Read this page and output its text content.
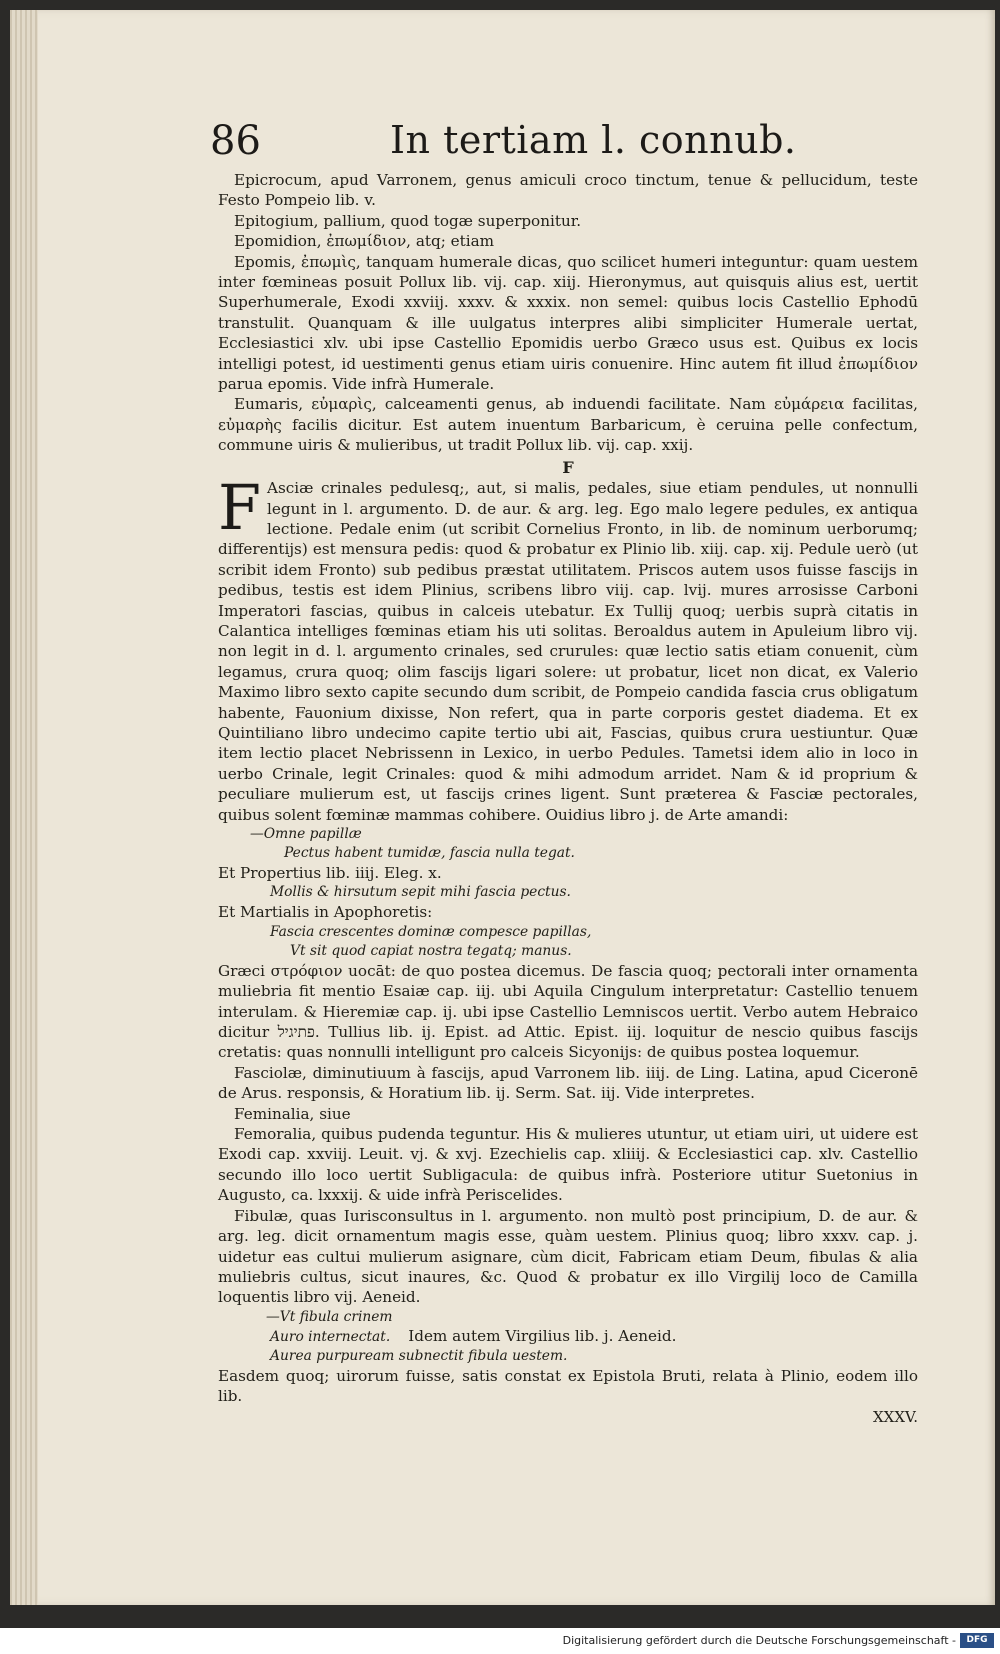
86	In tertiam l. connub.

Epicrocum, apud Varronem, genus amiculi croco tinctum, tenue & pellucidum, teste Festo Pompeio lib. v.

Epitogium, pallium, quod togæ superponitur.

Epomidion, ἐπωμίδιον, atq; etiam

Epomis, ἐπωμὶς, tanquam humerale dicas, quo scilicet humeri integuntur: quam uestem inter fœmineas posuit Pollux lib. vij. cap. xiij. Hieronymus, aut quisquis alius est, uertit Superhumerale, Exodi xxviij. xxxv. & xxxix. non semel: quibus locis Castellio Ephodū transtulit. Quanquam & ille uulgatus interpres alibi simpliciter Humerale uertat, Ecclesiastici xlv. ubi ipse Castellio Epomidis uerbo Græco usus est. Quibus ex locis intelligi potest, id uestimenti genus etiam uiris conuenire. Hinc autem fit illud ἐπωμίδιον parua epomis. Vide infrà Humerale.

Eumaris, εὐμαρὶς, calceamenti genus, ab induendi facilitate. Nam εὐμάρεια facilitas, εὐμαρὴς facilis dicitur. Est autem inuentum Barbaricum, è ceruina pelle confectum, commune uiris & mulieribus, ut tradit Pollux lib. vij. cap. xxij.

F

F Asciæ crinales pedulesq;, aut, si malis, pedales, siue etiam pendules, ut nonnulli legunt in l. argumento. D. de aur. & arg. leg. Ego malo legere pedules, ex antiqua lectione. Pedale enim (ut scribit Cornelius Fronto, in lib. de nominum uerborumq; differentijs) est mensura pedis: quod & probatur ex Plinio lib. xiij. cap. xij. Pedule uerò (ut scribit idem Fronto) sub pedibus præstat utilitatem. Priscos autem usos fuisse fascijs in pedibus, testis est idem Plinius, scribens libro viij. cap. lvij. mures arrosisse Carboni Imperatori fascias, quibus in calceis utebatur. Ex Tullij quoq; uerbis suprà citatis in Calantica intelliges fœminas etiam his uti solitas. Beroaldus autem in Apuleium libro vij. non legit in d. l. argumento crinales, sed crurules: quæ lectio satis etiam conuenit, cùm legamus, crura quoq; olim fascijs ligari solere: ut probatur, licet non dicat, ex Valerio Maximo libro sexto capite secundo dum scribit, de Pompeio candida fascia crus obligatum habente, Fauonium dixisse, Non refert, qua in parte corporis gestet diadema. Et ex Quintiliano libro undecimo capite tertio ubi ait, Fascias, quibus crura uestiuntur. Quæ item lectio placet Nebrissenn in Lexico, in uerbo Pedules. Tametsi idem alio in loco in uerbo Crinale, legit Crinales: quod & mihi admodum arridet. Nam & id proprium & peculiare mulierum est, ut fascijs crines ligent. Sunt præterea & Fasciæ pectorales, quibus solent fœminæ mammas cohibere. Ouidius libro j. de Arte amandi:

—Omne papillæ

Pectus habent tumidæ, fascia nulla tegat.

Et Propertius lib. iiij. Eleg. x.

Mollis & hirsutum sepit mihi fascia pectus.

Et Martialis in Apophoretis:

Fascia crescentes dominæ compesce papillas,

Vt sit quod capiat nostra tegatq; manus.

Græci στρόφιον uocāt: de quo postea dicemus. De fascia quoq; pectorali inter ornamenta muliebria fit mentio Esaiæ cap. iij. ubi Aquila Cingulum interpretatur: Castellio tenuem interulam. & Hieremiæ cap. ij. ubi ipse Castellio Lemniscos uertit. Verbo autem Hebraico dicitur פתיגיל. Tullius lib. ij. Epist. ad Attic. Epist. iij. loquitur de nescio quibus fascijs cretatis: quas nonnulli intelligunt pro calceis Sicyonijs: de quibus postea loquemur.

Fasciolæ, diminutiuum à fascijs, apud Varronem lib. iiij. de Ling. Latina, apud Ciceronē de Arus. responsis, & Horatium lib. ij. Serm. Sat. iij. Vide interpretes.

Feminalia, siue

Femoralia, quibus pudenda teguntur. His & mulieres utuntur, ut etiam uiri, ut uidere est Exodi cap. xxviij. Leuit. vj. & xvj. Ezechielis cap. xliiij. & Ecclesiastici cap. xlv. Castellio secundo illo loco uertit Subligacula: de quibus infrà. Posteriore utitur Suetonius in Augusto, ca. lxxxij. & uide infrà Periscelides.

Fibulæ, quas Iurisconsultus in l. argumento. non multò post principium, D. de aur. & arg. leg. dicit ornamentum magis esse, quàm uestem. Plinius quoq; libro xxxv. cap. j. uidetur eas cultui mulierum asignare, cùm dicit, Fabricam etiam Deum, fibulas & alia muliebris cultus, sicut inaures, &c. Quod & probatur ex illo Virgilij loco de Camilla loquentis libro vij. Aeneid.

—Vt fibula crinem

Auro internectat. Idem autem Virgilius lib. j. Aeneid.

Aurea purpuream subnectit fibula uestem.

Easdem quoq; uirorum fuisse, satis constat ex Epistola Bruti, relata à Plinio, eodem illo lib.

XXXV.

Digitalisierung gefördert durch die Deutsche Forschungsgemeinschaft -	DFG
